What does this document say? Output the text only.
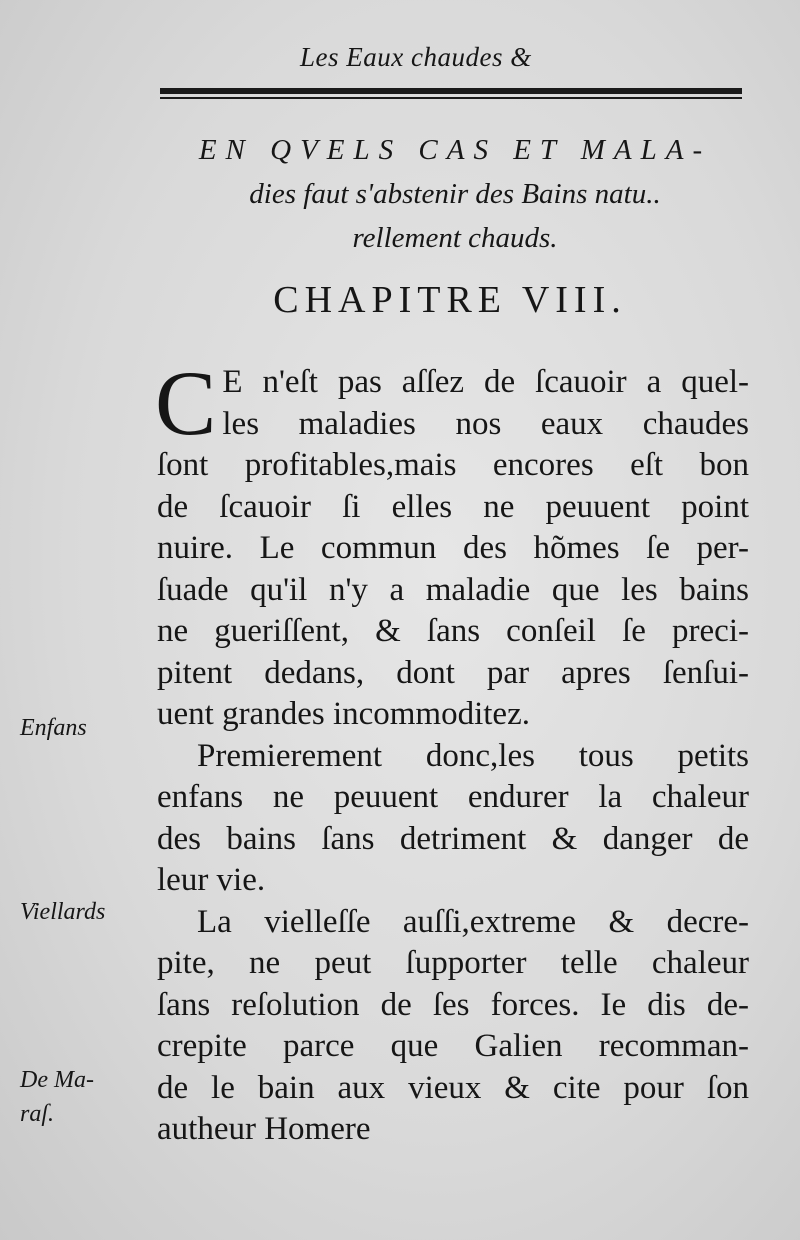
Les Eaux chaudes &
EN QVELS CAS ET MALA-
dies faut s'abstenir des Bains natu..
rellement chauds.
CHAPITRE VIII.
C E n'eſt pas aſſez de ſcauoir a quel-
les maladies nos eaux chaudes
ſont profitables,mais encores eſt bon
de ſcauoir ſi elles ne peuuent point
nuire. Le commun des hõmes ſe per-
ſuade qu'il n'y a maladie que les bains
ne gueriſſent, & ſans conſeil ſe preci-
pitent dedans, dont par apres ſenſui-
uent grandes incommoditez.
Premierement donc,les tous petits
enfans ne peuuent endurer la chaleur
des bains ſans detriment & danger de
leur vie.
La vielleſſe auſſi,extreme & decre-
pite, ne peut ſupporter telle chaleur
ſans reſolution de ſes forces. Ie dis de-
crepite parce que Galien recomman-
de le bain aux vieux & cite pour ſon
autheur Homere
Enfans
Viellards
De Ma-
raſ.
